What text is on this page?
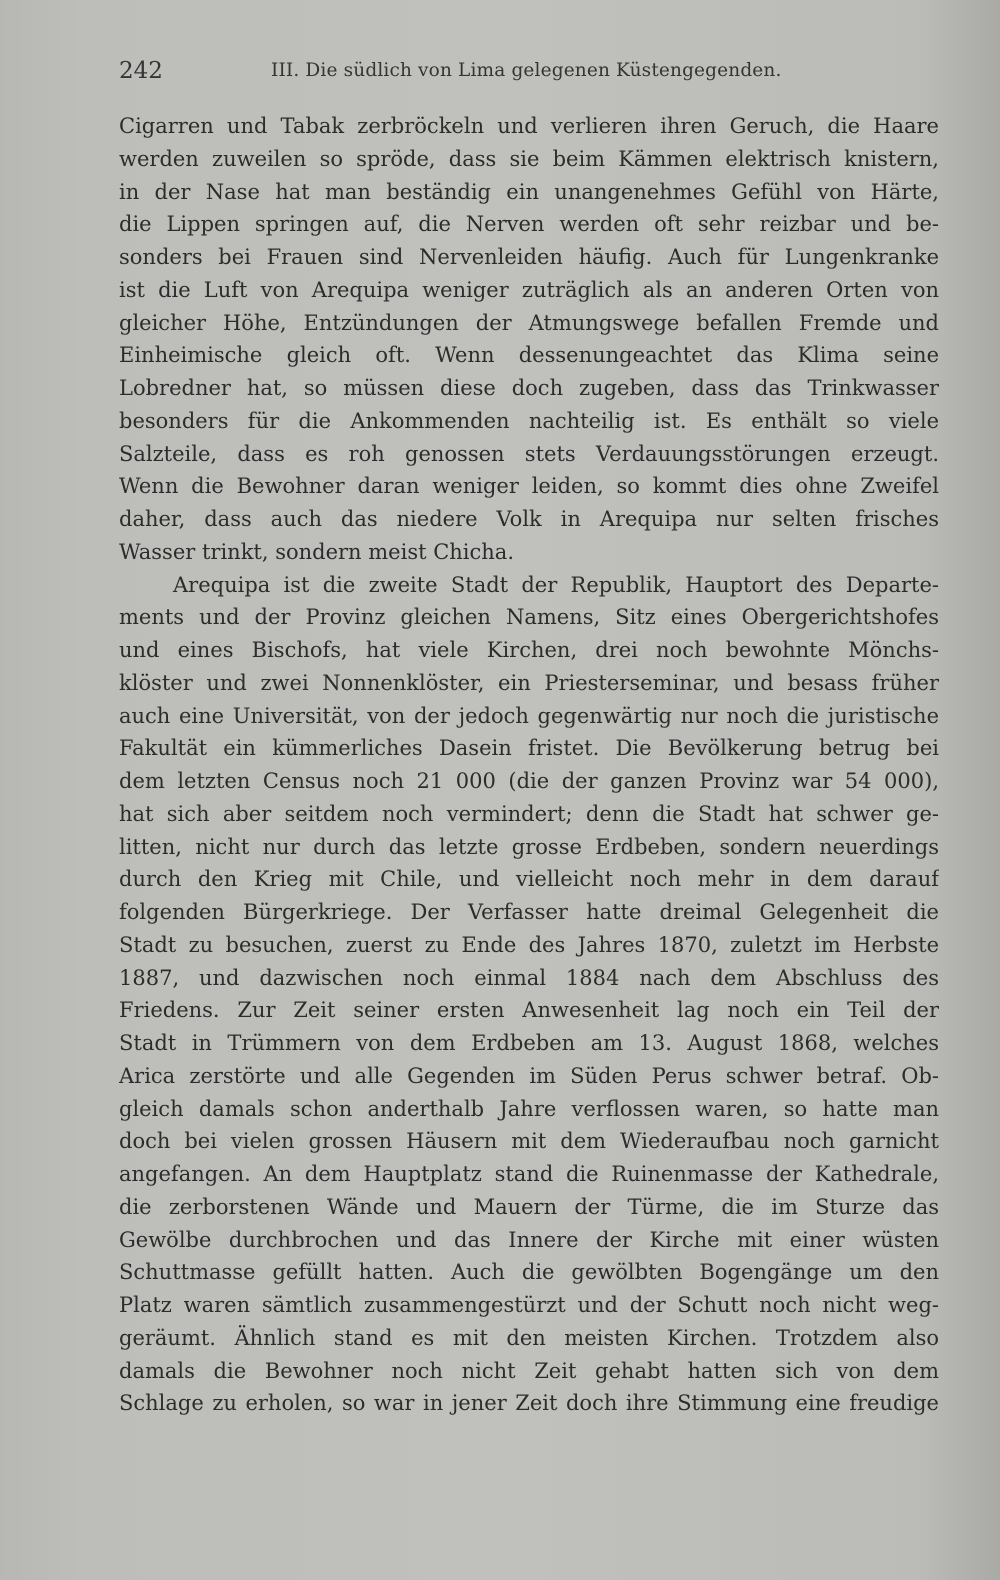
242	III. Die südlich von Lima gelegenen Küstengegenden.
Cigarren und Tabak zerbröckeln und verlieren ihren Geruch, die Haare
werden zuweilen so spröde, dass sie beim Kämmen elektrisch knistern,
in der Nase hat man beständig ein unangenehmes Gefühl von Härte,
die Lippen springen auf, die Nerven werden oft sehr reizbar und be-
sonders bei Frauen sind Nervenleiden häufig. Auch für Lungenkranke
ist die Luft von Arequipa weniger zuträglich als an anderen Orten von
gleicher Höhe, Entzündungen der Atmungswege befallen Fremde und
Einheimische gleich oft. Wenn dessenungeachtet das Klima seine
Lobredner hat, so müssen diese doch zugeben, dass das Trinkwasser
besonders für die Ankommenden nachteilig ist. Es enthält so viele
Salzteile, dass es roh genossen stets Verdauungsstörungen erzeugt.
Wenn die Bewohner daran weniger leiden, so kommt dies ohne Zweifel
daher, dass auch das niedere Volk in Arequipa nur selten frisches
Wasser trinkt, sondern meist Chicha.
Arequipa ist die zweite Stadt der Republik, Hauptort des Departe-
ments und der Provinz gleichen Namens, Sitz eines Obergerichtshofes
und eines Bischofs, hat viele Kirchen, drei noch bewohnte Mönchs-
klöster und zwei Nonnenklöster, ein Priesterseminar, und besass früher
auch eine Universität, von der jedoch gegenwärtig nur noch die juristische
Fakultät ein kümmerliches Dasein fristet. Die Bevölkerung betrug bei
dem letzten Census noch 21 000 (die der ganzen Provinz war 54 000),
hat sich aber seitdem noch vermindert; denn die Stadt hat schwer ge-
litten, nicht nur durch das letzte grosse Erdbeben, sondern neuerdings
durch den Krieg mit Chile, und vielleicht noch mehr in dem darauf
folgenden Bürgerkriege. Der Verfasser hatte dreimal Gelegenheit die
Stadt zu besuchen, zuerst zu Ende des Jahres 1870, zuletzt im Herbste
1887, und dazwischen noch einmal 1884 nach dem Abschluss des
Friedens. Zur Zeit seiner ersten Anwesenheit lag noch ein Teil der
Stadt in Trümmern von dem Erdbeben am 13. August 1868, welches
Arica zerstörte und alle Gegenden im Süden Perus schwer betraf. Ob-
gleich damals schon anderthalb Jahre verflossen waren, so hatte man
doch bei vielen grossen Häusern mit dem Wiederaufbau noch garnicht
angefangen. An dem Hauptplatz stand die Ruinenmasse der Kathedrale,
die zerborstenen Wände und Mauern der Türme, die im Sturze das
Gewölbe durchbrochen und das Innere der Kirche mit einer wüsten
Schuttmasse gefüllt hatten. Auch die gewölbten Bogengänge um den
Platz waren sämtlich zusammengestürzt und der Schutt noch nicht weg-
geräumt. Ähnlich stand es mit den meisten Kirchen. Trotzdem also
damals die Bewohner noch nicht Zeit gehabt hatten sich von dem
Schlage zu erholen, so war in jener Zeit doch ihre Stimmung eine freudige
